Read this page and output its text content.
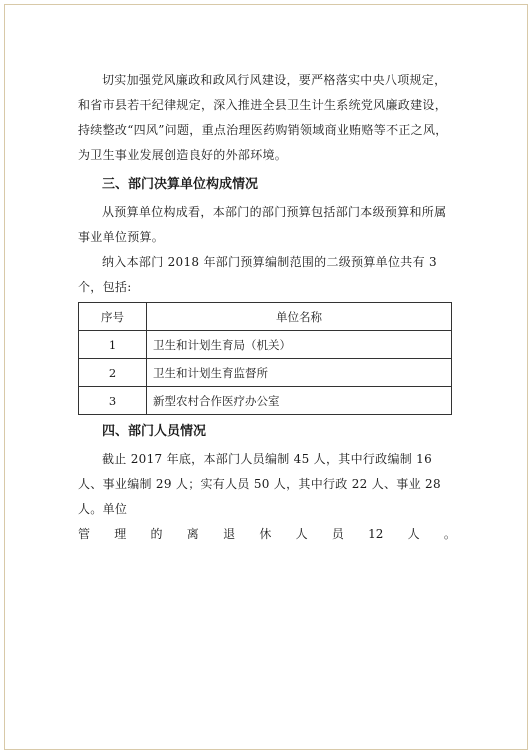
切实加强党风廉政和政风行风建设，要严格落实中央八项规定，和省市县若干纪律规定，深入推进全县卫生计生系统党风廉政建设，持续整改“四风”问题，重点治理医药购销领域商业贿赂等不正之风，为卫生事业发展创造良好的外部环境。

三、部门决算单位构成情况

从预算单位构成看，本部门的部门预算包括部门本级预算和所属事业单位预算。

纳入本部门 2018 年部门预算编制范围的二级预算单位共有 3 个，包括:

序号	单位名称
1	卫生和计划生育局（机关）
2	卫生和计划生育监督所
3	新型农村合作医疗办公室
四、部门人员情况

截止 2017 年底，本部门人员编制 45 人，其中行政编制 16 人、事业编制 29 人；实有人员 50 人，其中行政 22 人、事业 28 人。单位

管 理 的 离 退 休 人 员 12 人 。
